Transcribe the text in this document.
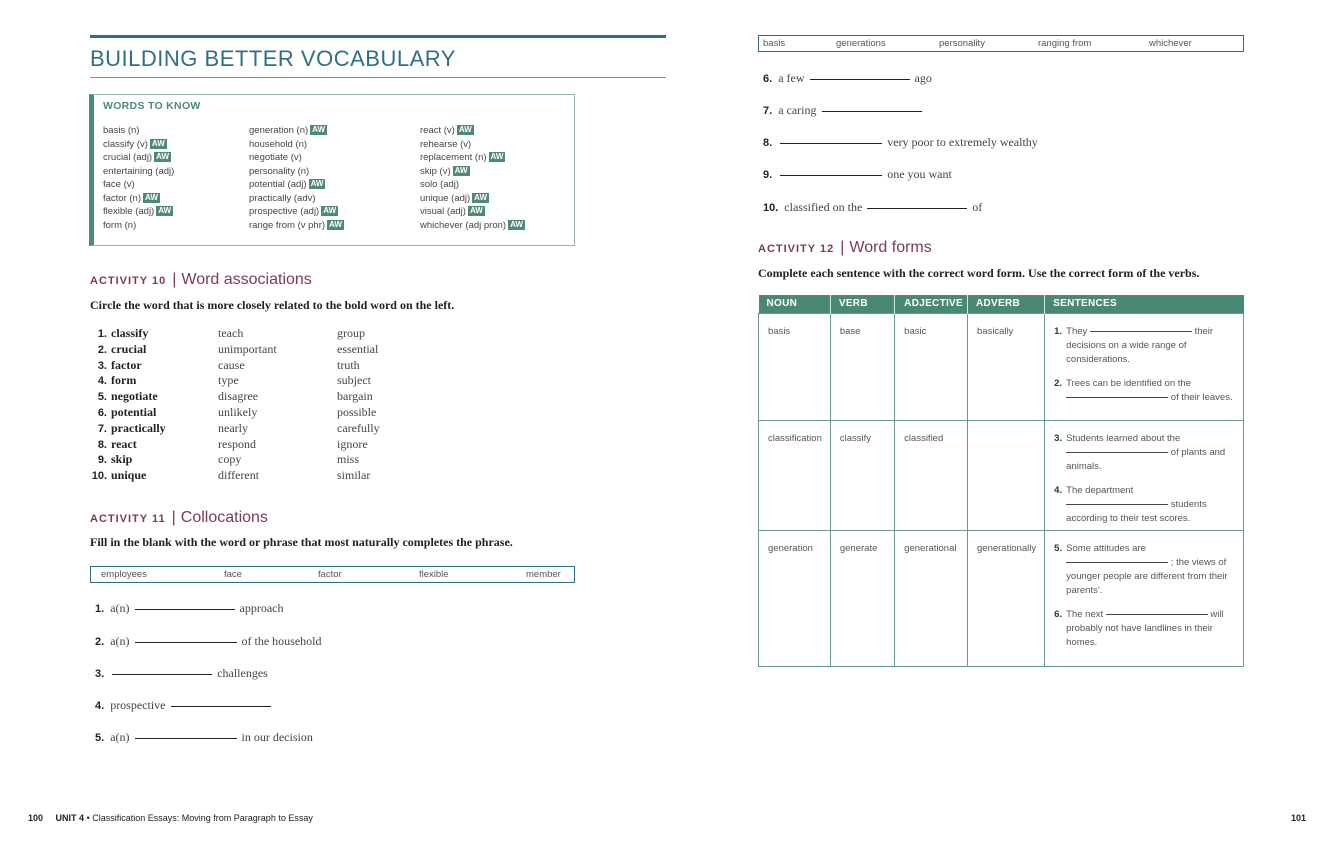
BUILDING BETTER VOCABULARY
WORDS TO KNOW
basis (n)
classify (v) AW
crucial (adj) AW
entertaining (adj)
face (v)
factor (n) AW
flexible (adj) AW
form (n)
generation (n) AW
household (n)
negotiate (v)
personality (n)
potential (adj) AW
practically (adv)
prospective (adj) AW
range from (v phr) AW
react (v) AW
rehearse (v)
replacement (n) AW
skip (v) AW
solo (adj)
unique (adj) AW
visual (adj) AW
whichever (adj pron) AW
ACTIVITY 10 | Word associations
Circle the word that is more closely related to the bold word on the left.
1. classify	teach	group
2. crucial	unimportant	essential
3. factor	cause	truth
4. form	type	subject
5. negotiate	disagree	bargain
6. potential	unlikely	possible
7. practically	nearly	carefully
8. react	respond	ignore
9. skip	copy	miss
10. unique	different	similar
ACTIVITY 11 | Collocations
Fill in the blank with the word or phrase that most naturally completes the phrase.
employees	face	factor	flexible	member
1. a(n)	approach
2. a(n)	of the household
3.	challenges
4. prospective
5. a(n)	in our decision
100 UNIT 4 • Classification Essays: Moving from Paragraph to Essay
basis	generations	personality	ranging from	whichever
6. a few	ago
7. a caring
8.	very poor to extremely wealthy
9.	one you want
10. classified on the	of
ACTIVITY 12 | Word forms
Complete each sentence with the correct word form. Use the correct form of the verbs.
NOUN	VERB	ADJECTIVE	ADVERB	SENTENCES
basis	base	basic	basically	1. They their decisions on a wide range of considerations.
2. Trees can be identified on the  of their leaves.

classification	classify	classified		3. Students learned about the  of plants and animals.
4. The department  students according to their test scores.

generation	generate	generational	generationally	5. Some attitudes are  ; the views of younger people are different from their parents'.
6. The next will probably not have landlines in their homes.
101
